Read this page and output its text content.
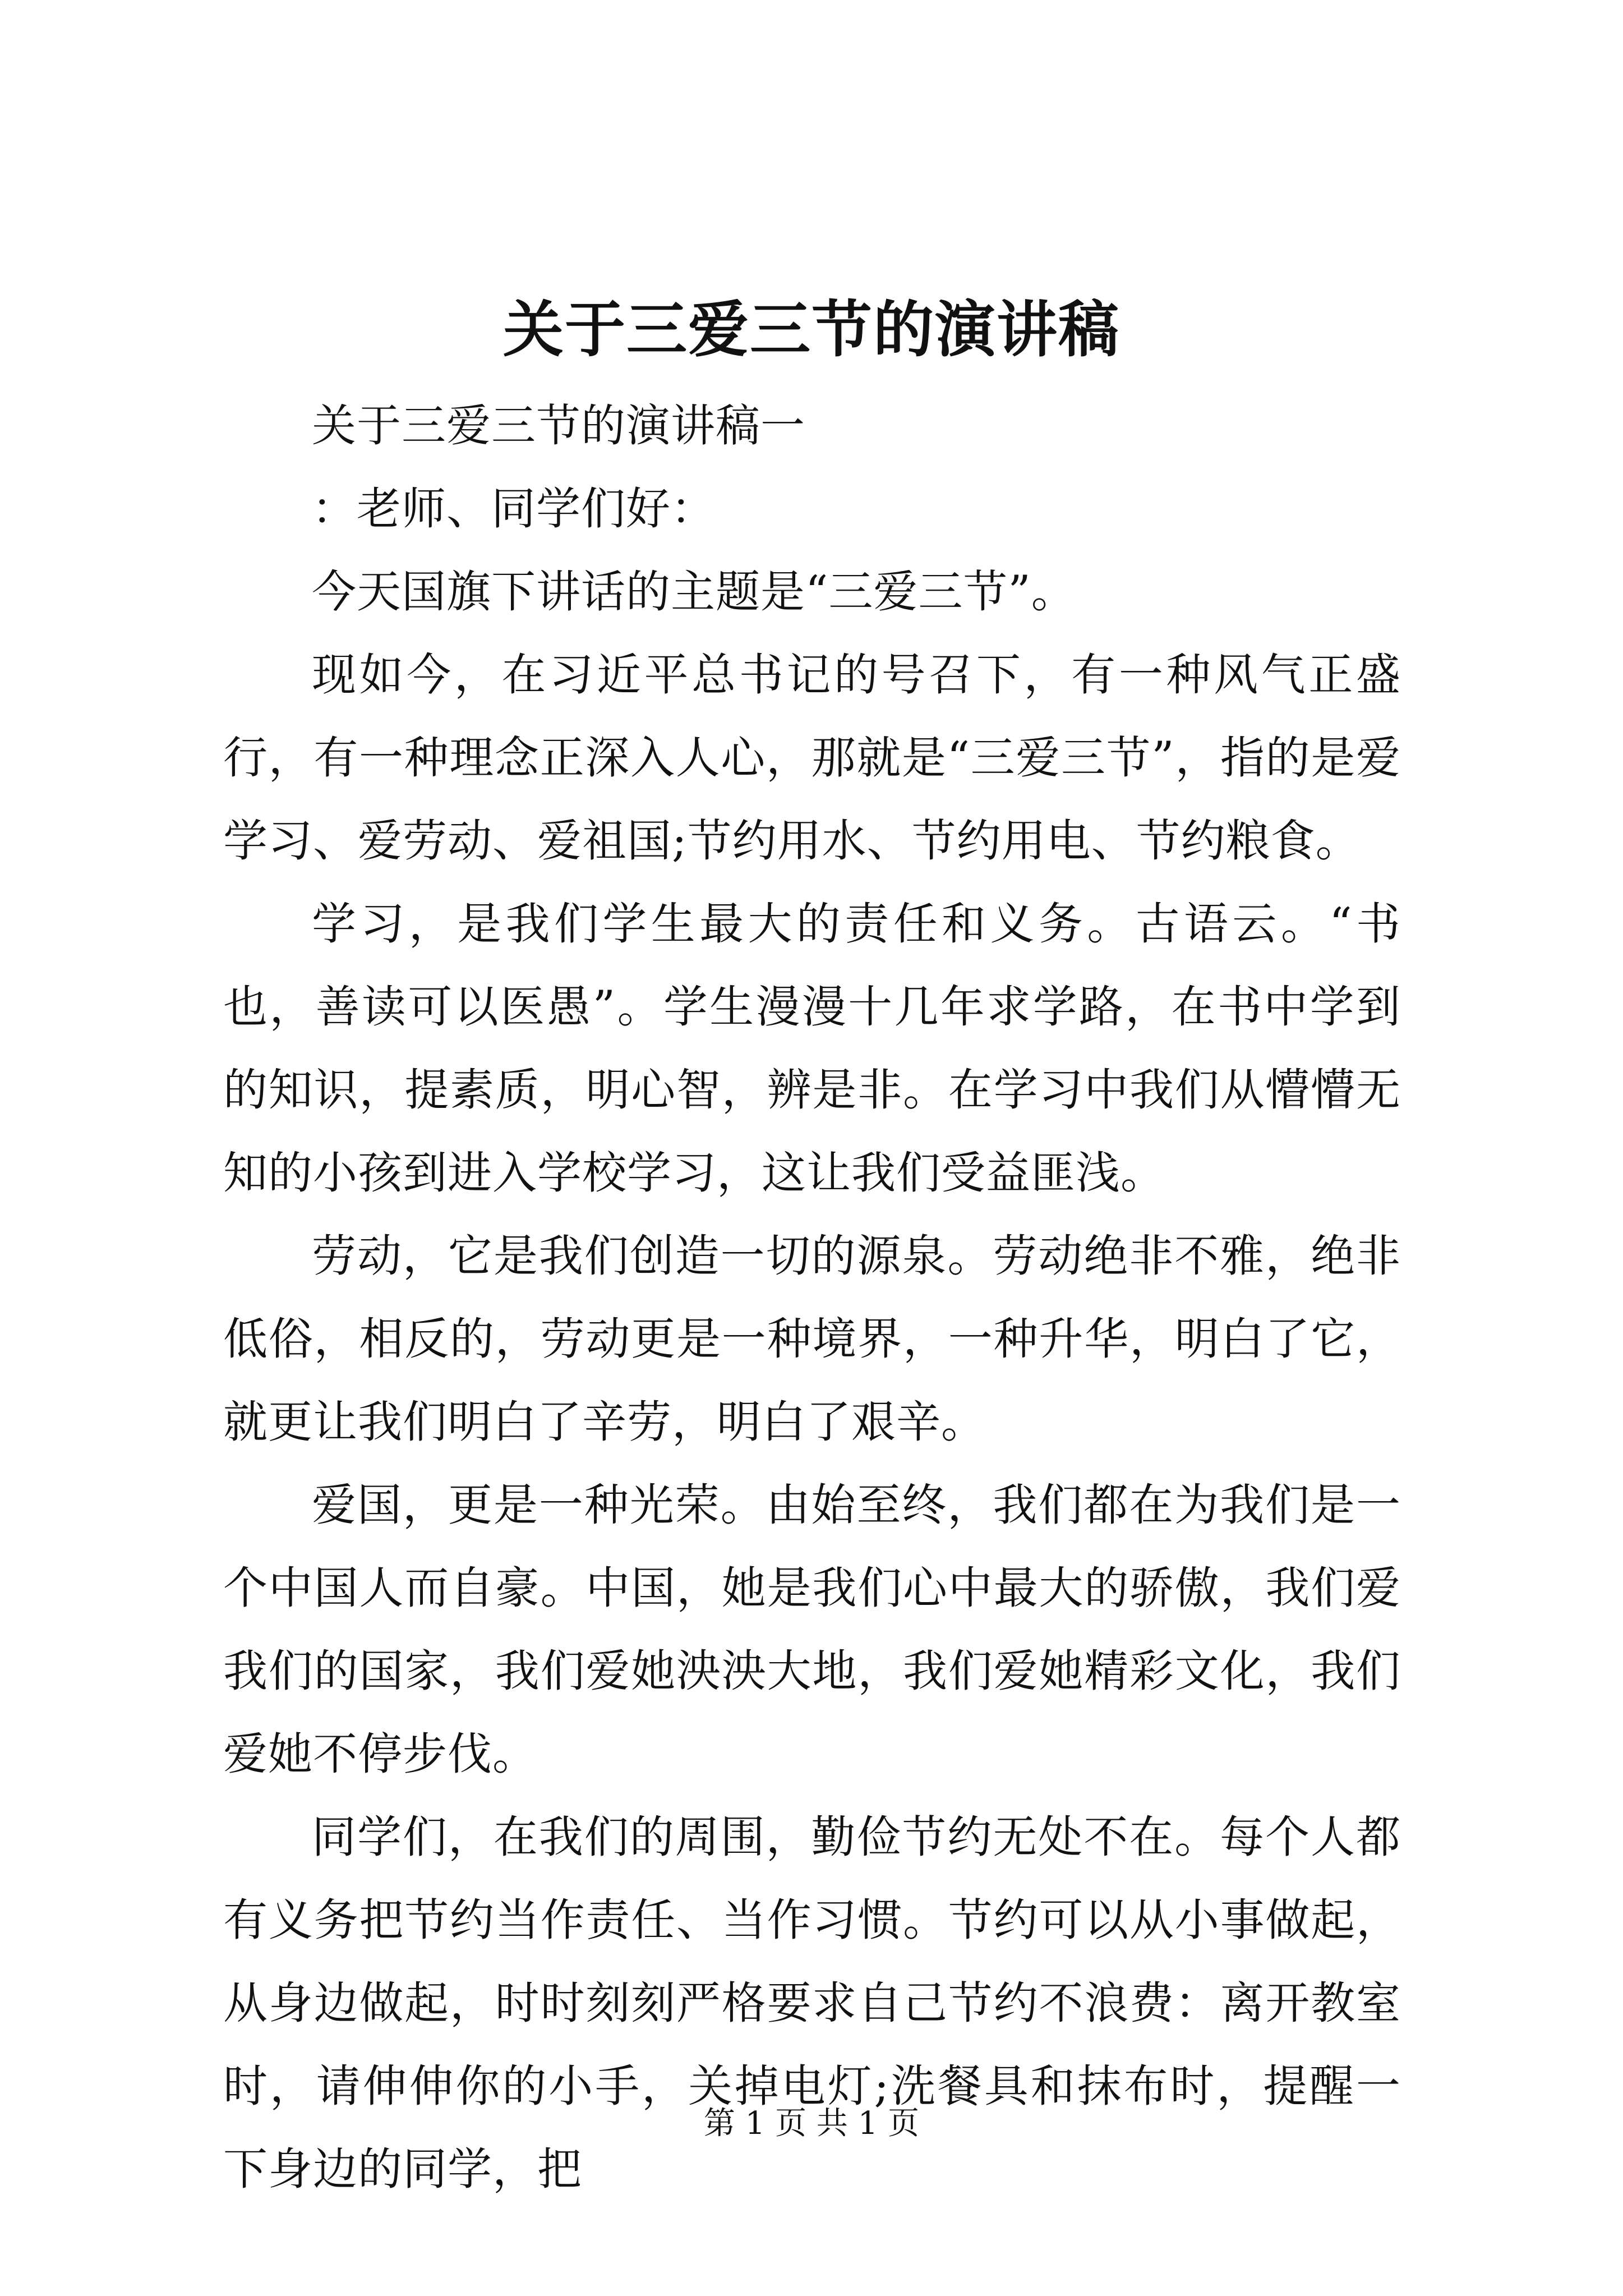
关于三爱三节的演讲稿

关于三爱三节的演讲稿一

：老师、同学们好：

今天国旗下讲话的主题是“三爱三节”。

现如今，在习近平总书记的号召下，有一种风气正盛行，有一种理念正深入人心，那就是“三爱三节”，指的是爱学习、爱劳动、爱祖国;节约用水、节约用电、节约粮食。

学习，是我们学生最大的责任和义务。古语云。“书也，善读可以医愚”。学生漫漫十几年求学路，在书中学到的知识，提素质，明心智，辨是非。在学习中我们从懵懵无知的小孩到进入学校学习，这让我们受益匪浅。

劳动，它是我们创造一切的源泉。劳动绝非不雅，绝非低俗，相反的，劳动更是一种境界，一种升华，明白了它，就更让我们明白了辛劳，明白了艰辛。

爱国，更是一种光荣。由始至终，我们都在为我们是一个中国人而自豪。中国，她是我们心中最大的骄傲，我们爱我们的国家，我们爱她泱泱大地，我们爱她精彩文化，我们爱她不停步伐。

同学们，在我们的周围，勤俭节约无处不在。每个人都有义务把节约当作责任、当作习惯。节约可以从小事做起，从身边做起，时时刻刻严格要求自己节约不浪费：离开教室时，请伸伸你的小手，关掉电灯;洗餐具和抹布时，提醒一下身边的同学，把

第 1 页 共 1 页
